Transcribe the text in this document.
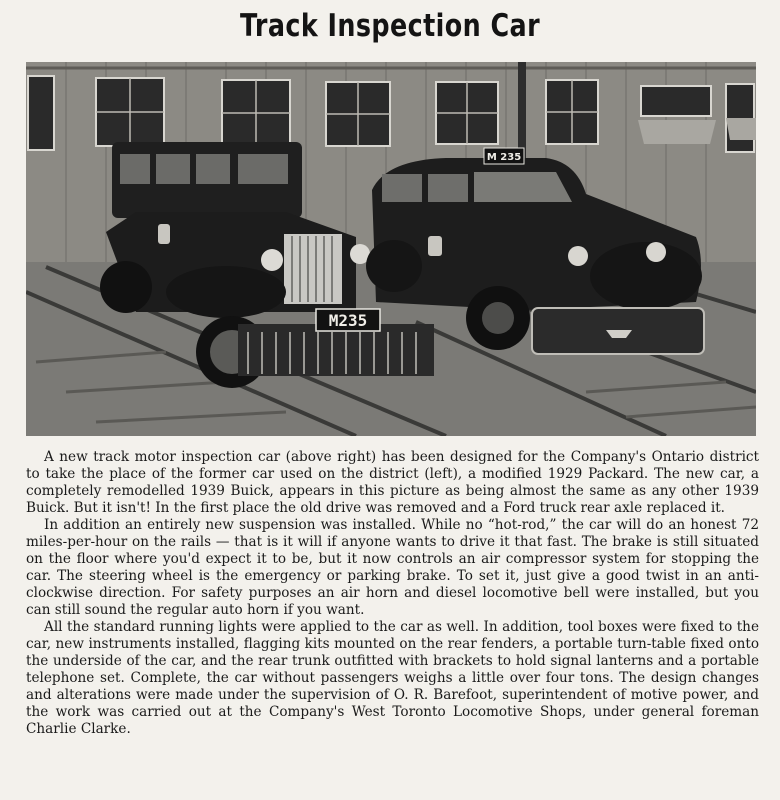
Track Inspection Car
M235
M 235

A new track motor inspection car (above right) has been designed for the Company's Ontario district to take the place of the former car used on the district (left), a modified 1929 Packard. The new car, a completely remodelled 1939 Buick, appears in this picture as being almost the same as any other 1939 Buick. But it isn't! In the first place the old drive was removed and a Ford truck rear axle replaced it.

In addition an entirely new suspension was installed. While no “hot-rod,” the car will do an honest 72 miles-per-hour on the rails — that is it will if anyone wants to drive it that fast. The brake is still situated on the floor where you'd expect it to be, but it now controls an air compressor system for stopping the car. The steering wheel is the emergency or parking brake. To set it, just give a good twist in an anti-clockwise direction. For safety purposes an air horn and diesel locomotive bell were installed, but you can still sound the regular auto horn if you want.

All the standard running lights were applied to the car as well. In addition, tool boxes were fixed to the car, new instruments installed, flagging kits mounted on the rear fenders, a portable turn-table fixed onto the underside of the car, and the rear trunk outfitted with brackets to hold signal lanterns and a portable telephone set. Complete, the car without passengers weighs a little over four tons. The design changes and alterations were made under the supervision of O. R. Barefoot, superintendent of motive power, and the work was carried out at the Company's West Toronto Locomotive Shops, under general foreman Charlie Clarke.
